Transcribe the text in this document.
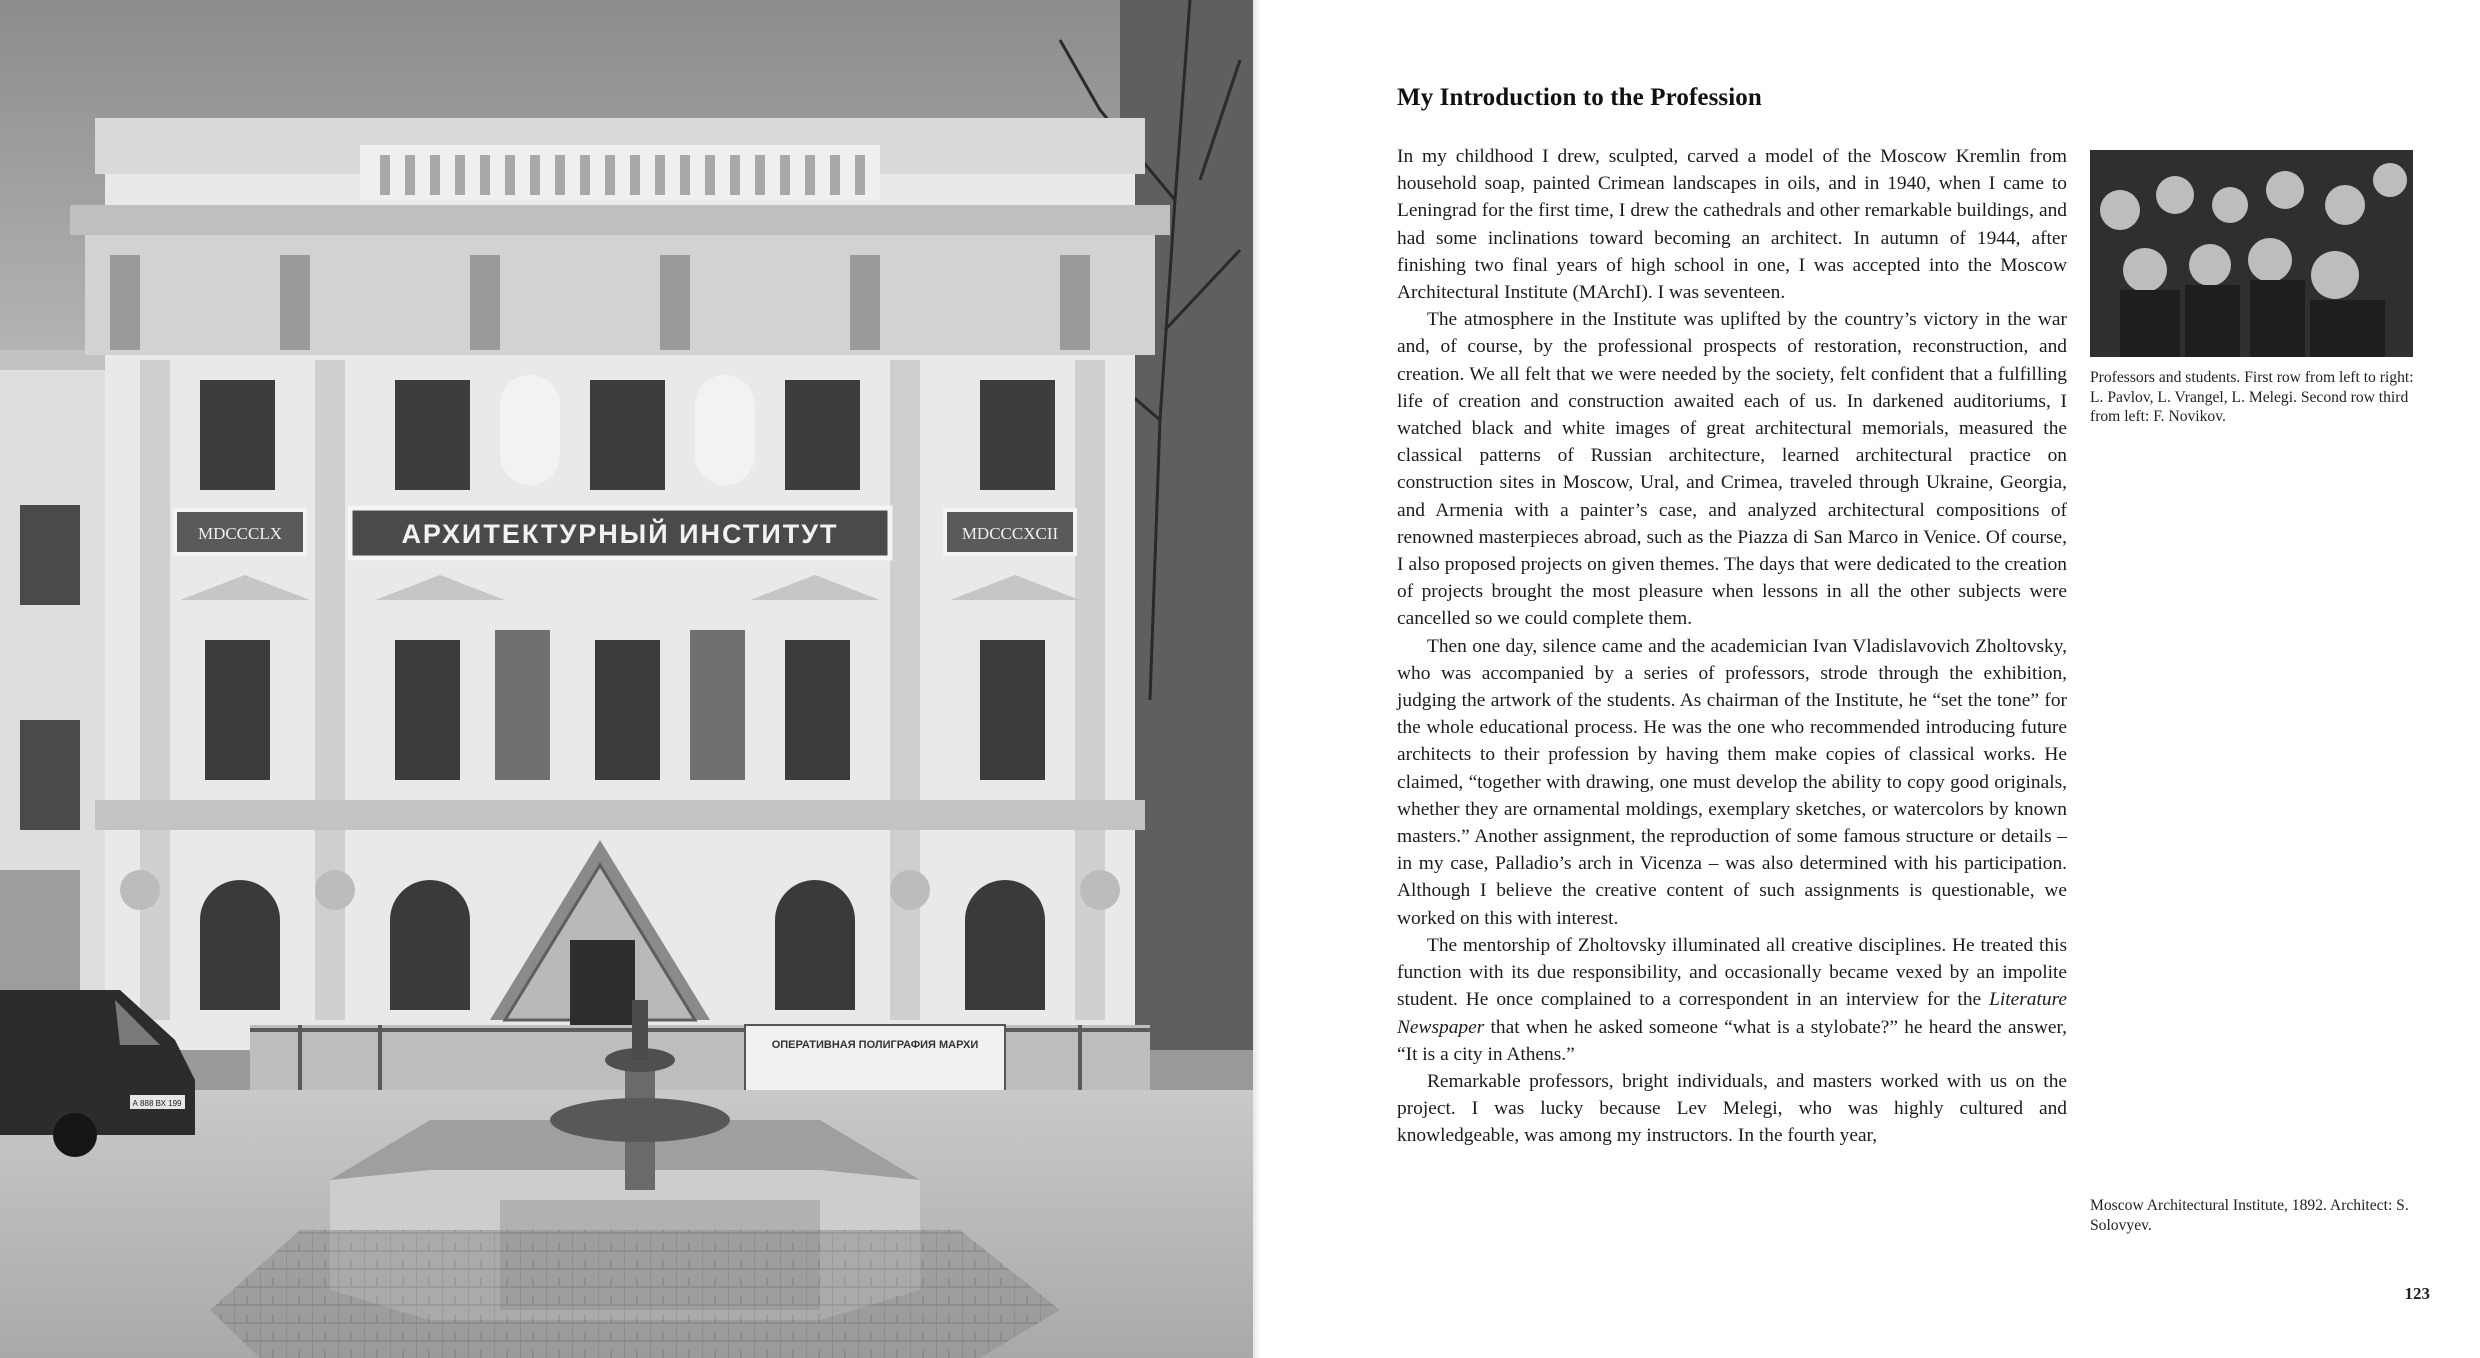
АРХИТЕКТУРНЫЙ ИНСТИТУТ
MDCCCLX	MDCCCXCII
ОПЕРАТИВНАЯ ПОЛИГРАФИЯ МАРХИ
А 888 ВХ 199
My Introduction to the Profession

In my childhood I drew, sculpted, carved a model of the Moscow Kremlin from household soap, painted Crimean landscapes in oils, and in 1940, when I came to Leningrad for the first time, I drew the cathedrals and other remarkable buildings, and had some inclinations toward becoming an architect. In autumn of 1944, after finishing two final years of high school in one, I was accepted into the Moscow Architectural Institute (MArchI). I was seventeen.

The atmosphere in the Institute was uplifted by the country’s victory in the war and, of course, by the professional prospects of restoration, reconstruction, and creation. We all felt that we were needed by the society, felt confident that a fulfilling life of creation and construction awaited each of us. In darkened auditoriums, I watched black and white images of great architectural memorials, measured the classical patterns of Russian architecture, learned architectural practice on construction sites in Moscow, Ural, and Crimea, traveled through Ukraine, Georgia, and Armenia with a painter’s case, and analyzed architectural compositions of renowned masterpieces abroad, such as the Piazza di San Marco in Venice. Of course, I also proposed projects on given themes. The days that were dedicated to the creation of projects brought the most pleasure when lessons in all the other subjects were cancelled so we could complete them.

Then one day, silence came and the academician Ivan Vladislavovich Zholtovsky, who was accompanied by a series of professors, strode through the exhibition, judging the artwork of the students. As chairman of the Institute, he “set the tone” for the whole educational process. He was the one who recommended introducing future architects to their profession by having them make copies of classical works. He claimed, “together with drawing, one must develop the ability to copy good originals, whether they are ornamental moldings, exemplary sketches, or watercolors by known masters.” Another assignment, the reproduction of some famous structure or details – in my case, Palladio’s arch in Vicenza – was also determined with his participation. Although I believe the creative content of such assignments is questionable, we worked on this with interest.

The mentorship of Zholtovsky illuminated all creative disciplines. He treated this function with its due responsibility, and occasionally became vexed by an impolite student. He once complained to a correspondent in an interview for the Literature Newspaper that when he asked someone “what is a stylobate?” he heard the answer, “It is a city in Athens.”

Remarkable professors, bright individuals, and masters worked with us on the project. I was lucky because Lev Melegi, who was highly cultured and knowledgeable, was among my instructors. In the fourth year,

Professors and students. First row from left to right: L. Pavlov, L. Vrangel, L. Melegi. Second row third from left: F. Novikov.

Moscow Architectural Institute, 1892. Architect: S. Solovyev.

123
